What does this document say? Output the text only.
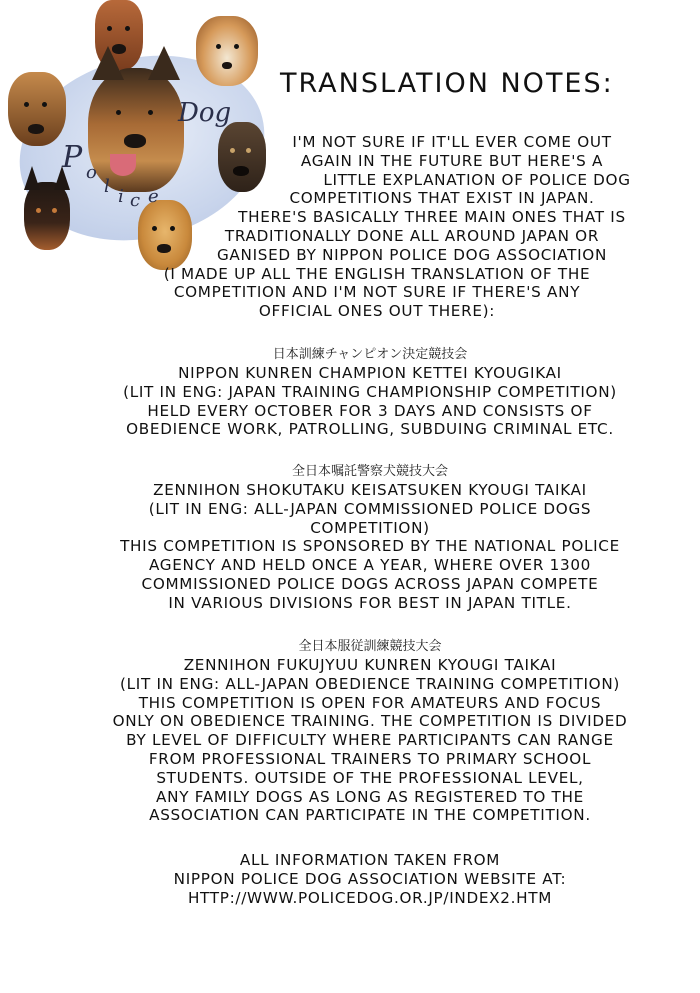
Dog
P o
l i c e
TRANSLATION NOTES:
I'M NOT SURE IF IT'LL EVER COME OUT
AGAIN IN THE FUTURE BUT HERE'S A
LITTLE EXPLANATION OF POLICE DOG
COMPETITIONS THAT EXIST IN JAPAN.
THERE'S BASICALLY THREE MAIN ONES THAT IS
TRADITIONALLY DONE ALL AROUND JAPAN OR
GANISED BY NIPPON POLICE DOG ASSOCIATION
(I MADE UP ALL THE ENGLISH TRANSLATION OF THE
COMPETITION AND I'M NOT SURE IF THERE'S ANY
OFFICIAL ONES OUT THERE):
日本訓練チャンピオン決定競技会
NIPPON KUNREN CHAMPION KETTEI KYOUGIKAI
(LIT IN ENG: JAPAN TRAINING CHAMPIONSHIP COMPETITION)
HELD EVERY OCTOBER FOR 3 DAYS AND CONSISTS OF
OBEDIENCE WORK, PATROLLING, SUBDUING CRIMINAL ETC.
全日本嘱託警察犬競技大会
ZENNIHON SHOKUTAKU KEISATSUKEN KYOUGI TAIKAI
(LIT IN ENG: ALL-JAPAN COMMISSIONED POLICE DOGS
COMPETITION)
THIS COMPETITION IS SPONSORED BY THE NATIONAL POLICE
AGENCY AND HELD ONCE A YEAR, WHERE OVER 1300
COMMISSIONED POLICE DOGS ACROSS JAPAN COMPETE
IN VARIOUS DIVISIONS FOR BEST IN JAPAN TITLE.
全日本服従訓練競技大会
ZENNIHON FUKUJYUU KUNREN KYOUGI TAIKAI
(LIT IN ENG: ALL-JAPAN OBEDIENCE TRAINING COMPETITION)
THIS COMPETITION IS OPEN FOR AMATEURS AND FOCUS
ONLY ON OBEDIENCE TRAINING. THE COMPETITION IS DIVIDED
BY LEVEL OF DIFFICULTY WHERE PARTICIPANTS CAN RANGE
FROM PROFESSIONAL TRAINERS TO PRIMARY SCHOOL
STUDENTS. OUTSIDE OF THE PROFESSIONAL LEVEL,
ANY FAMILY DOGS AS LONG AS REGISTERED TO THE
ASSOCIATION CAN PARTICIPATE IN THE COMPETITION.
ALL INFORMATION TAKEN FROM
NIPPON POLICE DOG ASSOCIATION WEBSITE AT:
HTTP://WWW.POLICEDOG.OR.JP/INDEX2.HTM
